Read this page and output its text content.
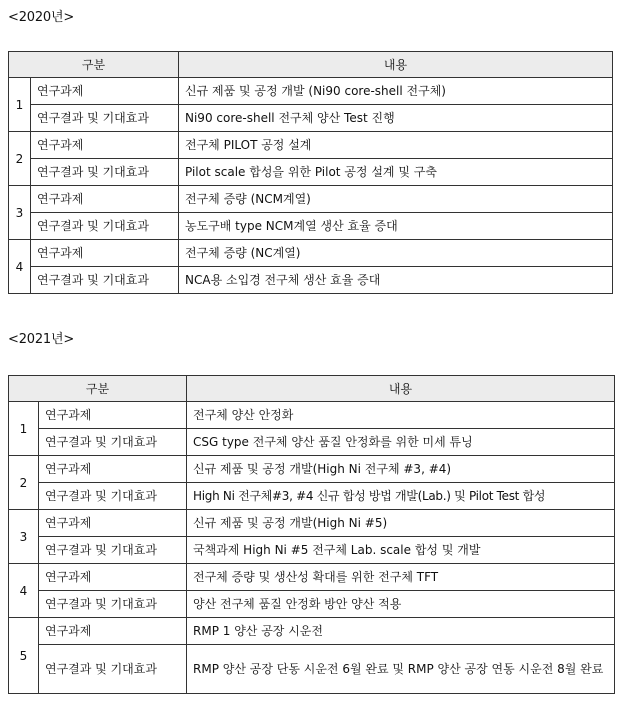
<2020년>
구분		내용
1	연구과제	신규 제품 및 공정 개발 (Ni90 core-shell 전구체)
	연구결과 및 기대효과	Ni90 core-shell 전구체 양산 Test 진행
2	연구과제	전구체 PILOT 공정 설계
	연구결과 및 기대효과	Pilot scale 합성을 위한 Pilot 공정 설계 및 구축
3	연구과제	전구체 증량 (NCM계열)
	연구결과 및 기대효과	농도구배 type NCM계열 생산 효율 증대
4	연구과제	전구체 증량 (NC계열)
	연구결과 및 기대효과	NCA용 소입경 전구체 생산 효율 증대
<2021년>
구분		내용
1	연구과제	전구체 양산 안정화
	연구결과 및 기대효과	CSG type 전구체 양산 품질 안정화를 위한 미세 튜닝
2	연구과제	신규 제품 및 공정 개발(High Ni 전구체 #3, #4)
	연구결과 및 기대효과	High Ni 전구체#3, #4 신규 합성 방법 개발(Lab.) 및 Pilot Test 합성
3	연구과제	신규 제품 및 공정 개발(High Ni #5)
	연구결과 및 기대효과	국책과제 High Ni #5 전구체 Lab. scale 합성 및 개발
4	연구과제	전구체 증량 및 생산성 확대를 위한 전구체 TFT
	연구결과 및 기대효과	양산 전구체 품질 안정화 방안 양산 적용
5	연구과제	RMP 1 양산 공장 시운전
	연구결과 및 기대효과	RMP 양산 공장 단동 시운전 6월 완료 및 RMP 양산 공장 연동 시운전 8월 완료
